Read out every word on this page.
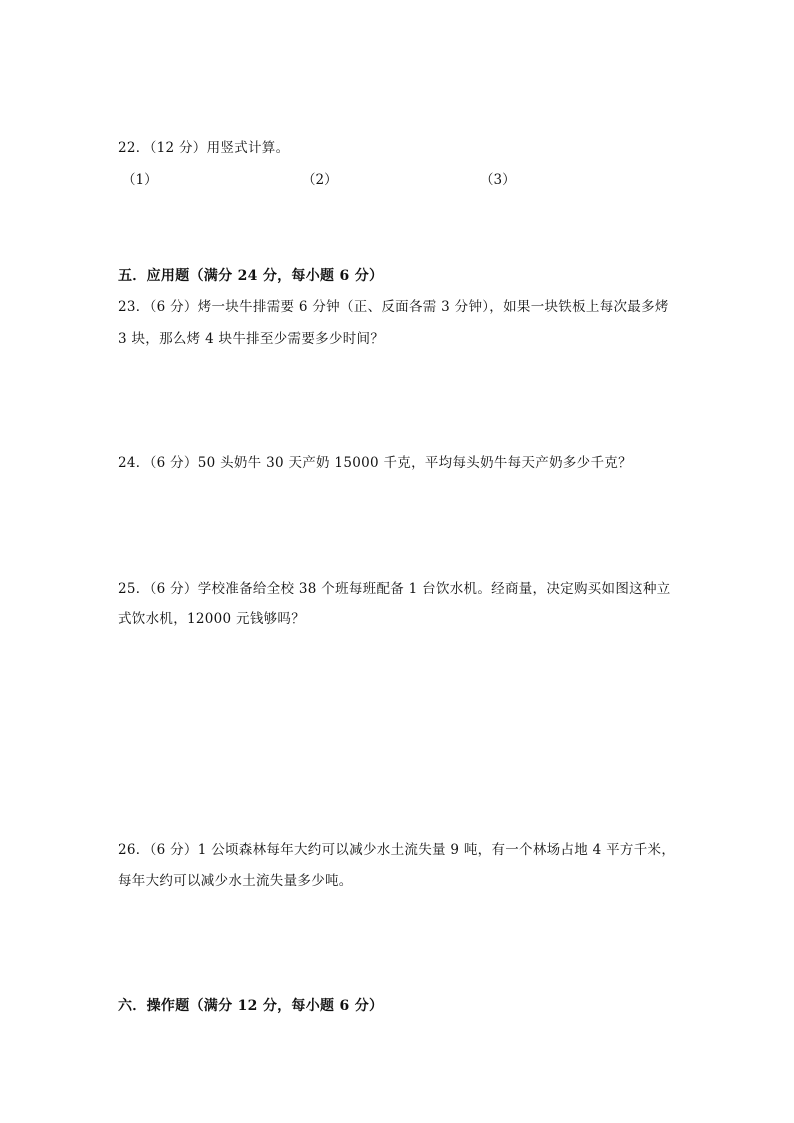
22．（12 分）用竖式计算。
（1）	（2）	（3）
五．应用题（满分 24 分，每小题 6 分）
23．（6 分）烤一块牛排需要 6 分钟（正、反面各需 3 分钟），如果一块铁板上每次最多烤
3 块，那么烤 4 块牛排至少需要多少时间？
24．（6 分）50 头奶牛 30 天产奶 15000 千克，平均每头奶牛每天产奶多少千克？
25．（6 分）学校准备给全校 38 个班每班配备 1 台饮水机。经商量，决定购买如图这种立
式饮水机，12000 元钱够吗？
26．（6 分）1 公顷森林每年大约可以减少水土流失量 9 吨，有一个林场占地 4 平方千米，
每年大约可以减少水土流失量多少吨。
六．操作题（满分 12 分，每小题 6 分）
